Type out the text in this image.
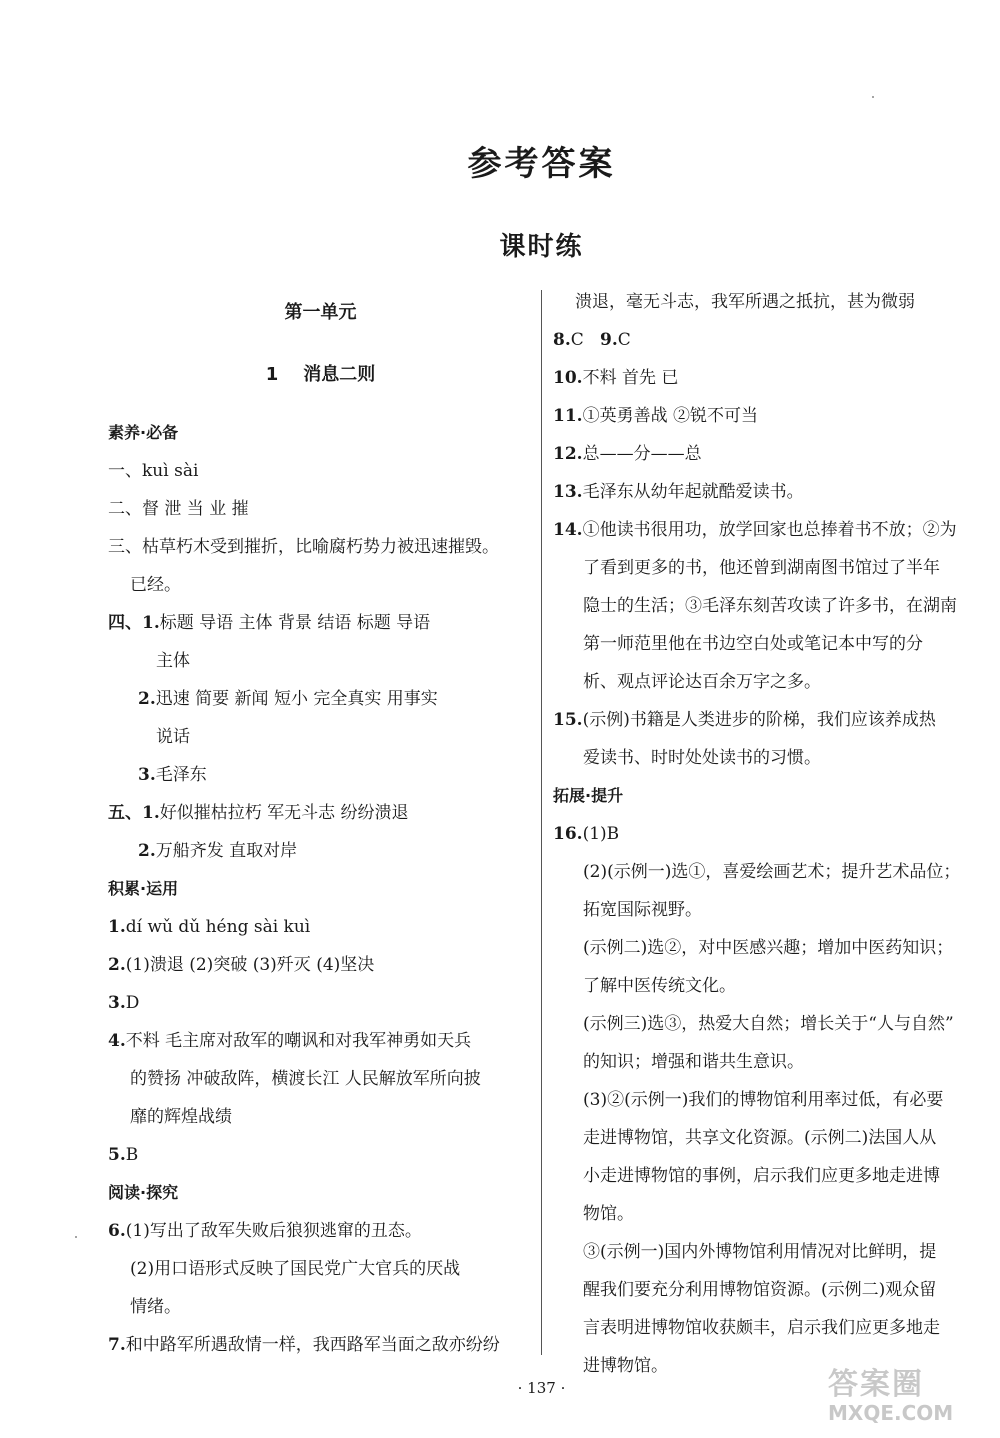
参考答案
课时练
第一单元
1 消息二则
素养·必备
一、kuì sài
二、督 泄 当 业 摧
三、枯草朽木受到摧折，比喻腐朽势力被迅速摧毁。
已经。
四、1.标题 导语 主体 背景 结语 标题 导语
主体
2.迅速 简要 新闻 短小 完全真实 用事实
说话
3.毛泽东
五、1.好似摧枯拉朽 军无斗志 纷纷溃退
2.万船齐发 直取对岸
积累·运用
1.dí wǔ dǔ héng sài kuì
2.(1)溃退 (2)突破 (3)歼灭 (4)坚决
3.D
4.不料 毛主席对敌军的嘲讽和对我军神勇如天兵
的赞扬 冲破敌阵，横渡长江 人民解放军所向披
靡的辉煌战绩
5.B
阅读·探究
6.(1)写出了敌军失败后狼狈逃窜的丑态。
(2)用口语形式反映了国民党广大官兵的厌战
情绪。
7.和中路军所遇敌情一样，我西路军当面之敌亦纷纷
溃退，毫无斗志，我军所遇之抵抗，甚为微弱
8.C 9.C
10.不料 首先 已
11.①英勇善战 ②锐不可当
12.总——分——总
13.毛泽东从幼年起就酷爱读书。
14.①他读书很用功，放学回家也总捧着书不放；②为
了看到更多的书，他还曾到湖南图书馆过了半年
隐士的生活；③毛泽东刻苦攻读了许多书，在湖南
第一师范里他在书边空白处或笔记本中写的分
析、观点评论达百余万字之多。
15.(示例)书籍是人类进步的阶梯，我们应该养成热
爱读书、时时处处读书的习惯。
拓展·提升
16.(1)B
(2)(示例一)选①，喜爱绘画艺术；提升艺术品位；
拓宽国际视野。
(示例二)选②，对中医感兴趣；增加中医药知识；
了解中医传统文化。
(示例三)选③，热爱大自然；增长关于“人与自然”
的知识；增强和谐共生意识。
(3)②(示例一)我们的博物馆利用率过低，有必要
走进博物馆，共享文化资源。(示例二)法国人从
小走进博物馆的事例，启示我们应更多地走进博
物馆。
③(示例一)国内外博物馆利用情况对比鲜明，提
醒我们要充分利用博物馆资源。(示例二)观众留
言表明进博物馆收获颇丰，启示我们应更多地走
进博物馆。
· 137 ·	答案圈
MXQE.COM
